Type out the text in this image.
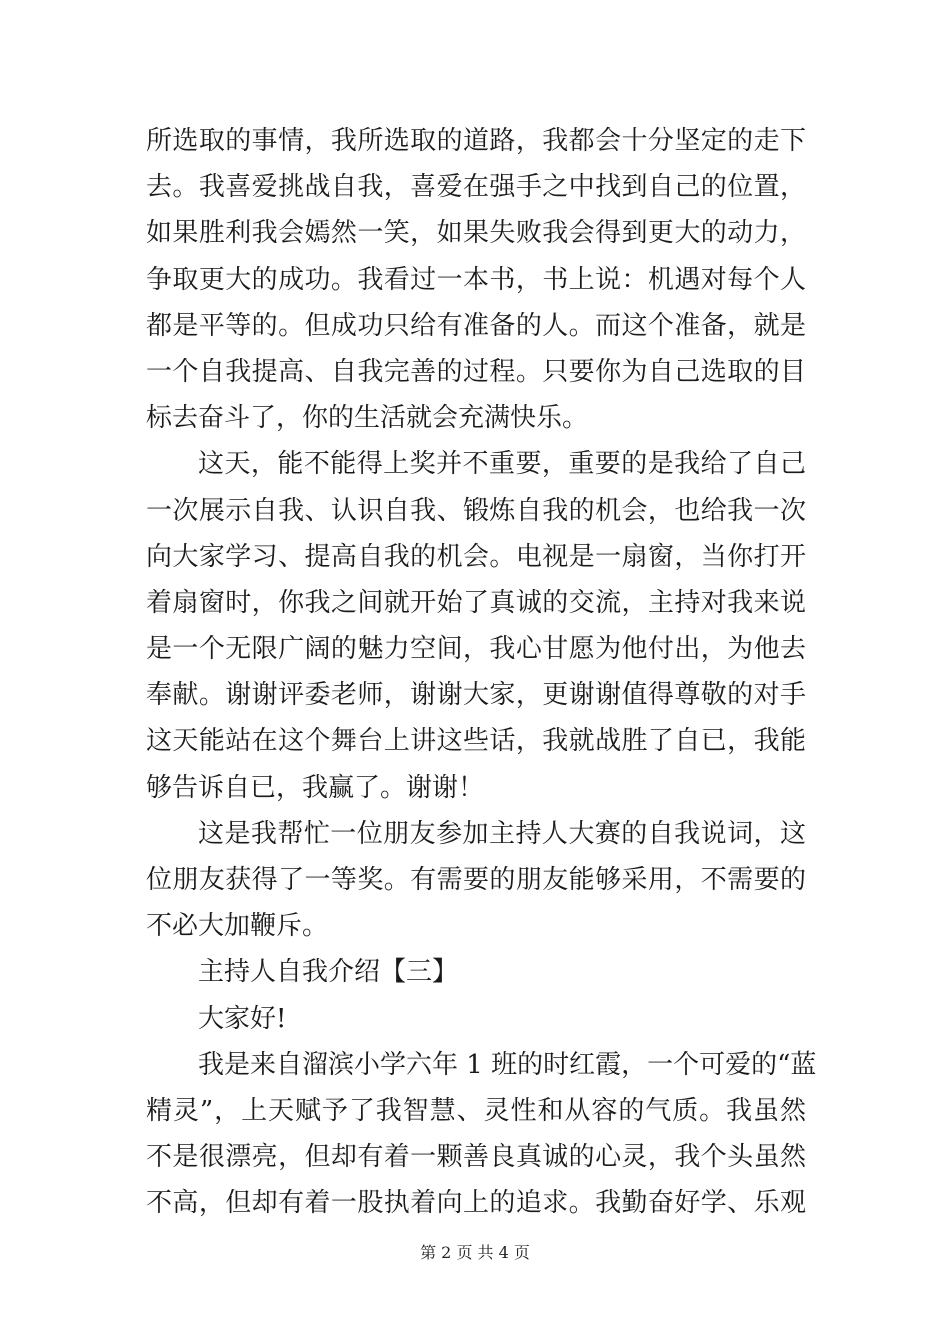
所选取的事情，我所选取的道路，我都会十分坚定的走下
去。我喜爱挑战自我，喜爱在强手之中找到自己的位置，
如果胜利我会嫣然一笑，如果失败我会得到更大的动力，
争取更大的成功。我看过一本书，书上说：机遇对每个人
都是平等的。但成功只给有准备的人。而这个准备，就是
一个自我提高、自我完善的过程。只要你为自己选取的目
标去奋斗了，你的生活就会充满快乐。
这天，能不能得上奖并不重要，重要的是我给了自己
一次展示自我、认识自我、锻炼自我的机会，也给我一次
向大家学习、提高自我的机会。电视是一扇窗，当你打开
着扇窗时，你我之间就开始了真诚的交流，主持对我来说
是一个无限广阔的魅力空间，我心甘愿为他付出，为他去
奉献。谢谢评委老师，谢谢大家，更谢谢值得尊敬的对手
这天能站在这个舞台上讲这些话，我就战胜了自已，我能
够告诉自已，我赢了。谢谢！
这是我帮忙一位朋友参加主持人大赛的自我说词，这
位朋友获得了一等奖。有需要的朋友能够采用，不需要的
不必大加鞭斥。
主持人自我介绍【三】
大家好!
我是来自溜滨小学六年 1 班的时红霞，一个可爱的“蓝
精灵”，上天赋予了我智慧、灵性和从容的气质。我虽然
不是很漂亮，但却有着一颗善良真诚的心灵，我个头虽然
不高，但却有着一股执着向上的追求。我勤奋好学、乐观
第 2 页 共 4 页
